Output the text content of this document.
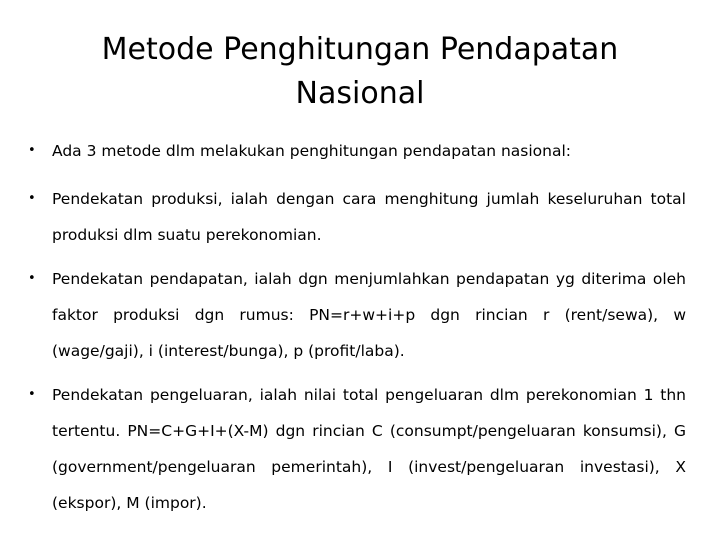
Metode Penghitungan Pendapatan Nasional
• Ada 3 metode dlm melakukan penghitungan pendapatan nasional:
• Pendekatan produksi, ialah dengan cara menghitung jumlah keseluruhan total produksi dlm suatu perekonomian.
• Pendekatan pendapatan, ialah dgn menjumlahkan pendapatan yg diterima oleh faktor produksi dgn rumus: PN=r+w+i+p dgn rincian r (rent/sewa), w (wage/gaji), i (interest/bunga), p (profit/laba).
• Pendekatan pengeluaran, ialah nilai total pengeluaran dlm perekonomian 1 thn tertentu. PN=C+G+I+(X-M) dgn rincian C (consumpt/pengeluaran konsumsi), G (government/pengeluaran pemerintah), I (invest/pengeluaran investasi), X (ekspor), M (impor).
